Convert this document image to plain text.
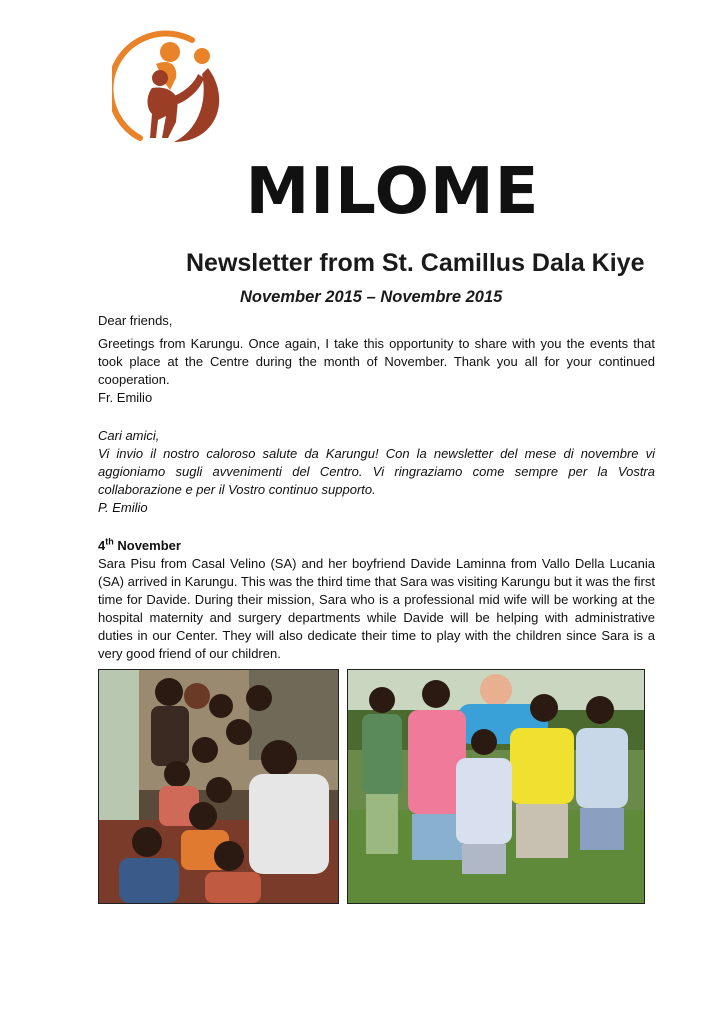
MILOME
Newsletter from St. Camillus Dala Kiye
November 2015 – Novembre 2015

Dear friends,

Greetings from Karungu. Once again, I take this opportunity to share with you the events that took place at the Centre during the month of November. Thank you all for your continued cooperation.

Fr. Emilio

Cari amici,

Vi invio il nostro caloroso salute da Karungu! Con la newsletter del mese di novembre vi aggioniamo sugli avvenimenti del Centro. Vi ringraziamo come sempre per la Vostra collaborazione e per il Vostro continuo supporto.

P. Emilio

4th November

Sara Pisu from Casal Velino (SA) and her boyfriend Davide Laminna from Vallo Della Lucania (SA) arrived in Karungu. This was the third time that Sara was visiting Karungu but it was the first time for Davide. During their mission, Sara who is a professional mid wife will be working at the hospital maternity and surgery departments while Davide will be helping with administrative duties in our Center. They will also dedicate their time to play with the children since Sara is a very good friend of our children.
